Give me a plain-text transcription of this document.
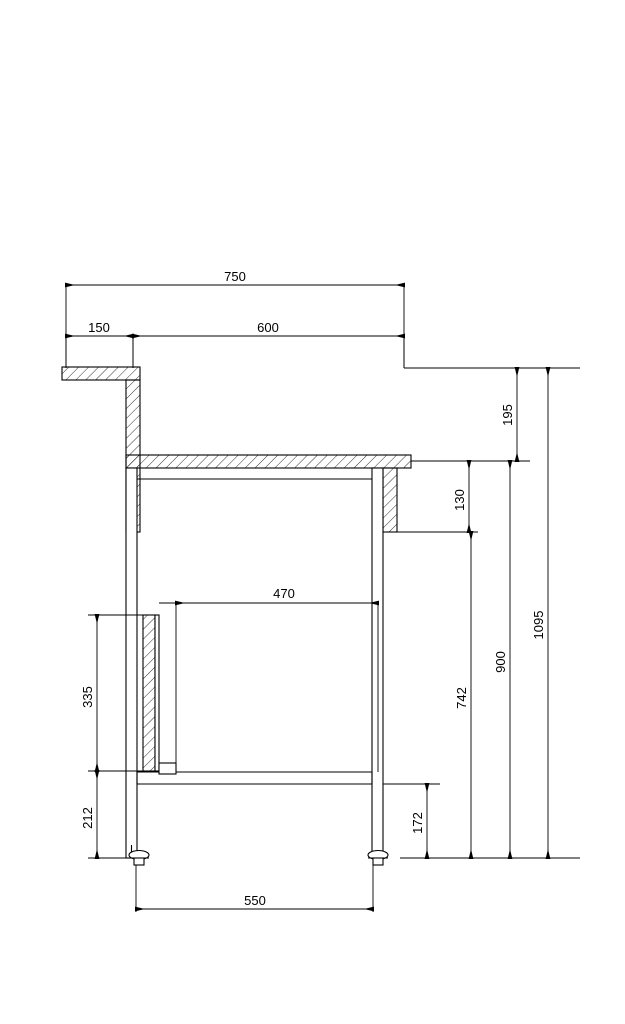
750
150	600
195
130
1095
900
742
470
335
212	172
550
